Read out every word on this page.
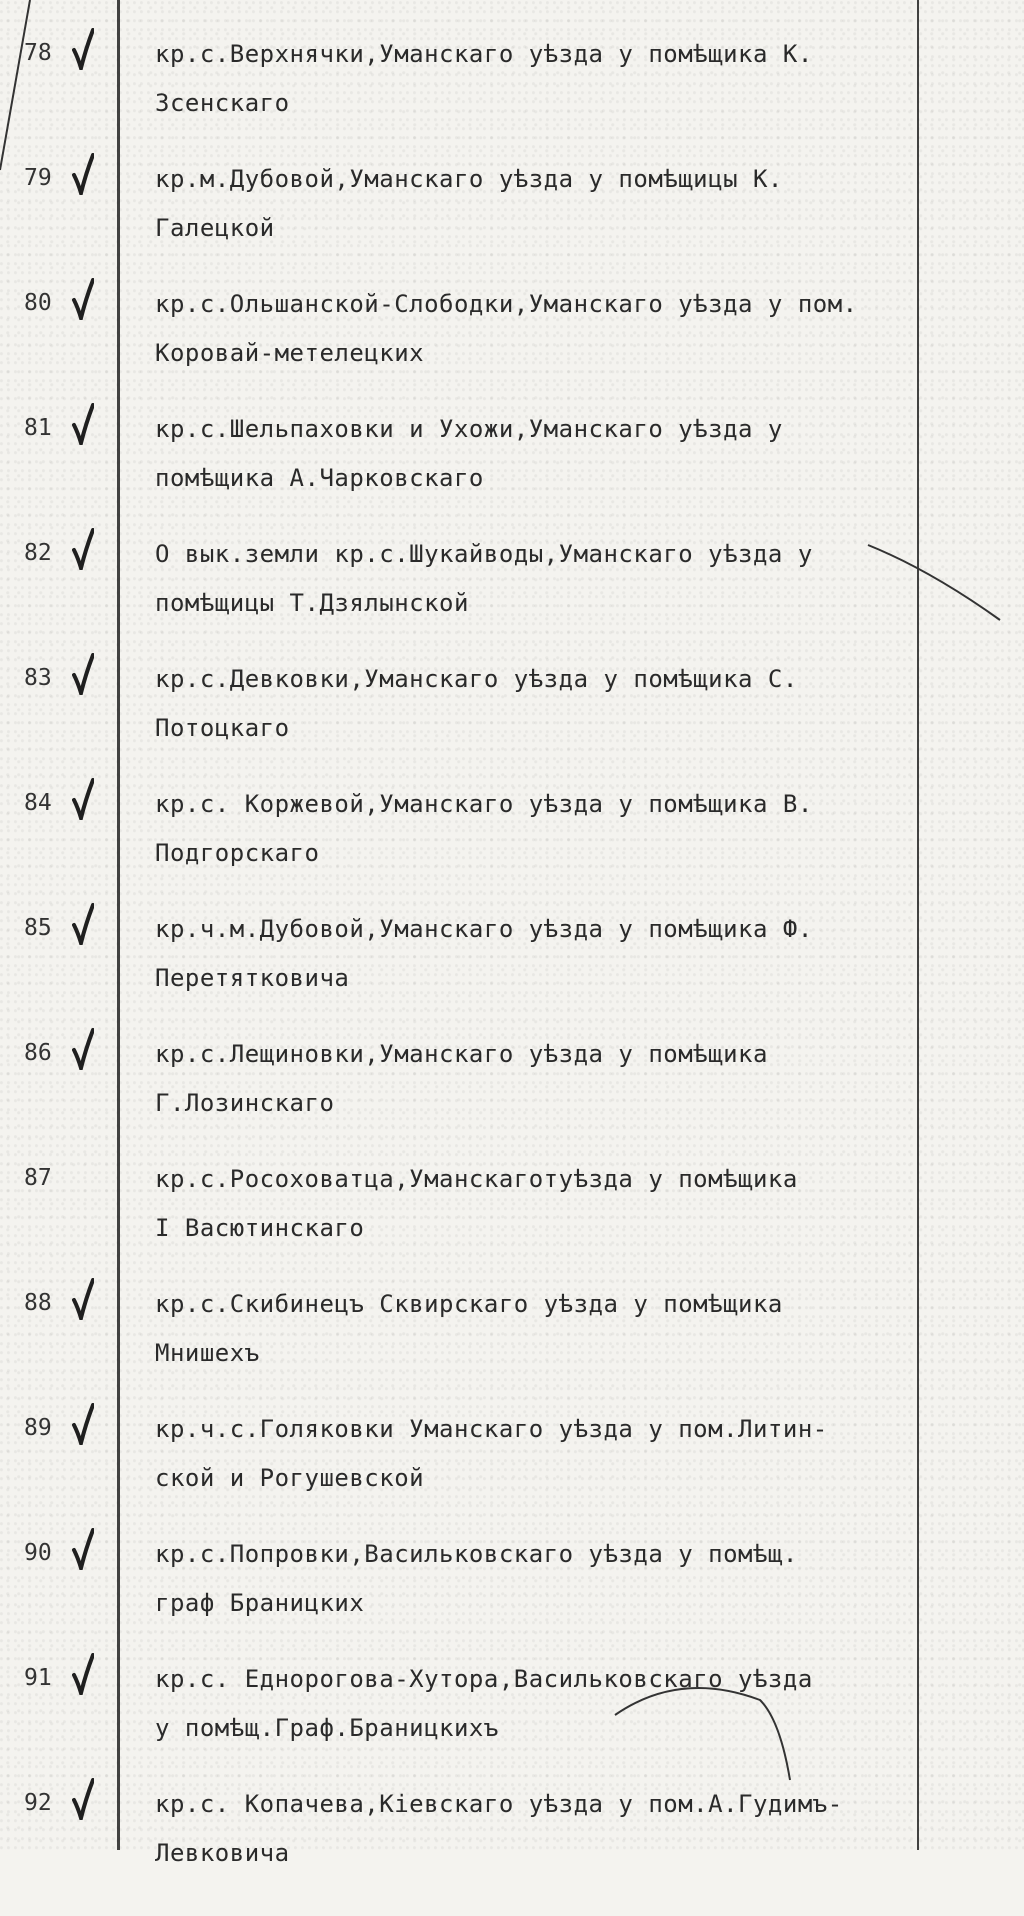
78	кр.с.Верхнячки,Уманскаго уѣзда у помѣщика К.
Зсенскаго
79	кр.м.Дубовой,Уманскаго уѣзда у помѣщицы К.
Галецкой
80	кр.с.Ольшанской-Слободки,Уманскаго уѣзда у пом.
Коровай-метелецких
81	кр.с.Шельпаховки и Ухожи,Уманскаго уѣзда у
помѣщика А.Чарковскаго
82	О вык.земли кр.с.Шукайводы,Уманскаго уѣзда у
помѣщицы Т.Дзялынской
83	кр.с.Девковки,Уманскаго уѣзда у помѣщика С.
Потоцкаго
84	кр.с. Коржевой,Уманскаго уѣзда у помѣщика В.
Подгорскаго
85	кр.ч.м.Дубовой,Уманскаго уѣзда у помѣщика Ф.
Перетятковича
86	кр.с.Лещиновки,Уманскаго уѣзда у помѣщика
Г.Лозинскаго
87	кр.с.Росоховатца,Уманскаготуѣзда у помѣщика
I Васютинскаго
88	кр.с.Скибинецъ Сквирскаго уѣзда у помѣщика
Мнишехъ
89	кр.ч.с.Голяковки Уманскаго уѣзда у пом.Литин-
ской и Рогушевской
90	кр.с.Попровки,Васильковскаго уѣзда у помѣщ.
граф Браницких
91	кр.с. Еднорогова-Хутора,Васильковскаго уѣзда
у помѣщ.Граф.Браницкихъ
92	кр.с. Копачева,Кіевскаго уѣзда у пом.А.Гудимъ-
Левковича
